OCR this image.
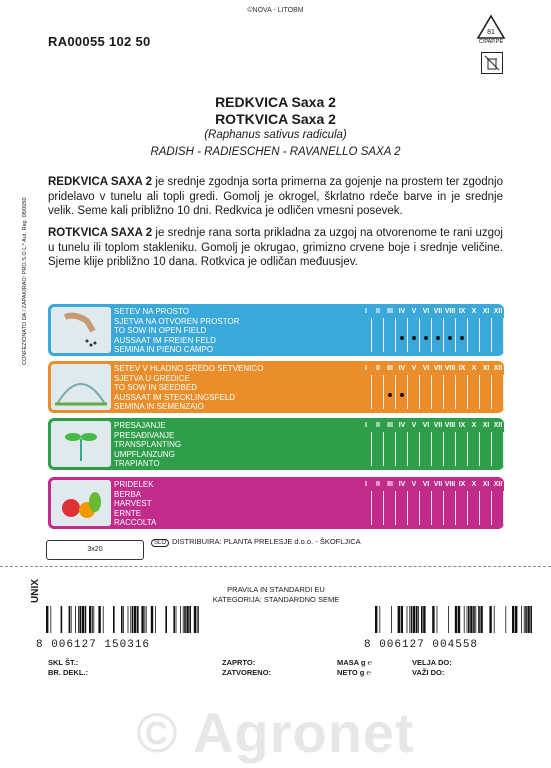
©NOVA - LITOBM
RA00055 102 50
81
C/PAP.PE
REDKVICA Saxa 2
ROTKVICA Saxa 2
(Raphanus sativus radicula)
RADISH - RADIESCHEN - RAVANELLO SAXA 2
REDKVICA SAXA 2 je srednje zgodnja sorta primerna za gojenje na prostem ter zgodnjo pridelavo v tunelu ali topli gredi. Gomolj je okrogel, škrlatno rdeče barve in je srednje velik. Seme kali približno 10 dni. Redkvica je odličen vmesni posevek.
ROTKVICA SAXA 2 je srednje rana sorta prikladna za uzgoj na otvorenome te rani uzgoj u tunelu ili toplom stakleniku. Gomolj je okrugao, grimizno crvene boje i srednje veličine. Sjeme klije približno 10 dana. Rotkvica je odličan međuusjev.
SETEV NA PROSTO
SJETVA NA OTVOREN PROSTOR
TO SOW IN OPEN FIELD
AUSSAAT IM FREIEN FELD
SEMINA IN PIENO CAMPO
I	II	III IV V VI VII VIII IX X XI XII
SETEV V HLADNO GREDO SETVENICO
SJETVA U GREDICE
TO SOW IN SEEDBED
AUSSAAT IM STECKLINGSFELD
SEMINA IN SEMENZAIO
I	II	III IV V VI VII VIII IX X XI XII
PRESAJANJE
PRESAĐIVANJE
TRANSPLANTING
UMPFLANZUNG
TRAPIANTO
I	II	III IV V VI VII VIII IX X XI XII
PRIDELEK
BERBA
HARVEST
ERNTE
RACCOLTA
I	II	III IV V VI VII VIII IX X XI XII
CONFEZIONATO DA / ZAPAKIRAO: PRO.S.O.L.* Aut. Reg. 08/0050
3x20
SLO DISTRIBUIRA: PLANTA PRELESJE d.o.o. - ŠKOFLJICA
UNIX	PRAVILA IN STANDARDI EU
KATEGORIJA: STANDARDNO SEME
8 006127 150316	8 006127 004558
SKL ŠT.:
BR. DEKL.:
ZAPRTO:
ZATVORENO:
MASA g ℮
NETO g ℮
VELJA DO:
VAŽI DO:
© Agronet
